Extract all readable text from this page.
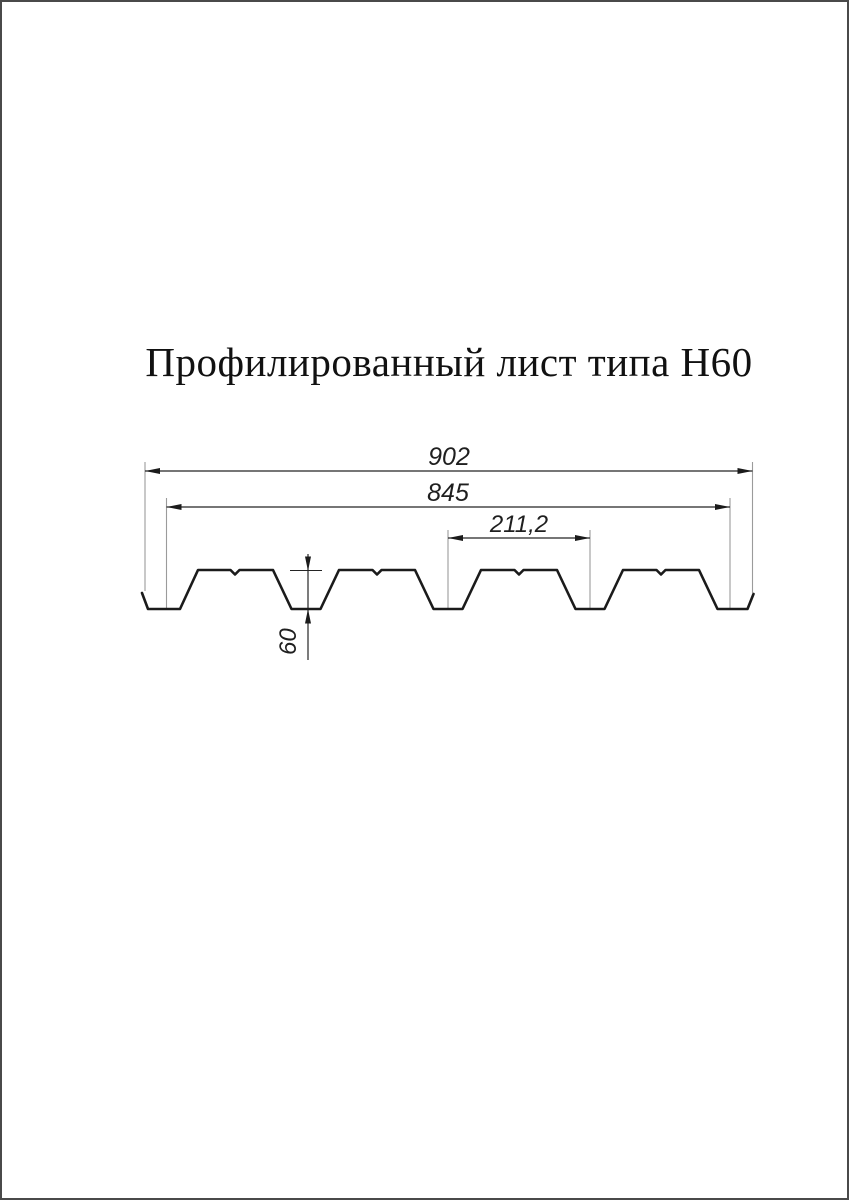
Профилированный лист типа Н60
902
845
211,2
60
